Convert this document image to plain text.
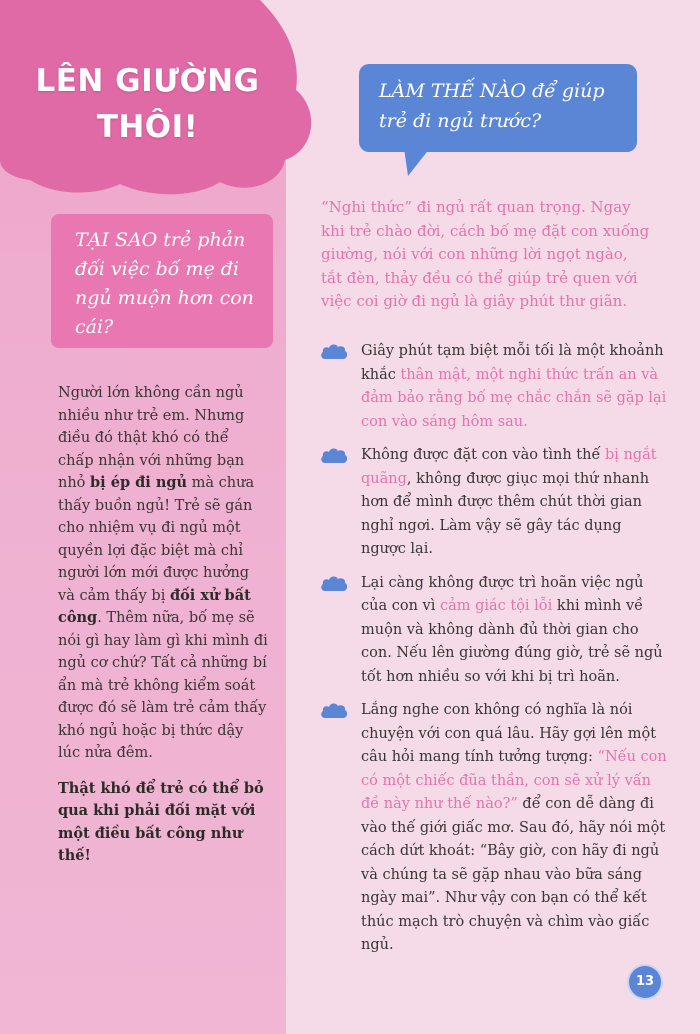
LÊN GIƯỜNG
THÔI!
TẠI SAO trẻ phản đối việc bố mẹ đi ngủ muộn hơn con cái?

Người lớn không cần ngủ nhiều như trẻ em. Nhưng điều đó thật khó có thể chấp nhận với những bạn nhỏ bị ép đi ngủ mà chưa thấy buồn ngủ! Trẻ sẽ gán cho nhiệm vụ đi ngủ một quyền lợi đặc biệt mà chỉ người lớn mới được hưởng và cảm thấy bị đối xử bất công. Thêm nữa, bố mẹ sẽ nói gì hay làm gì khi mình đi ngủ cơ chứ? Tất cả những bí ẩn mà trẻ không kiểm soát được đó sẽ làm trẻ cảm thấy khó ngủ hoặc bị thức dậy lúc nửa đêm.

Thật khó để trẻ có thể bỏ qua khi phải đối mặt với một điều bất công như thế!

LÀM THẾ NÀO để giúp trẻ đi ngủ trước?
“Nghi thức” đi ngủ rất quan trọng. Ngay khi trẻ chào đời, cách bố mẹ đặt con xuống giường, nói với con những lời ngọt ngào, tắt đèn, thảy đều có thể giúp trẻ quen với việc coi giờ đi ngủ là giây phút thư giãn.
Giây phút tạm biệt mỗi tối là một khoảnh khắc thân mật, một nghi thức trấn an và đảm bảo rằng bố mẹ chắc chắn sẽ gặp lại con vào sáng hôm sau.
Không được đặt con vào tình thế bị ngắt quãng, không được giục mọi thứ nhanh hơn để mình được thêm chút thời gian nghỉ ngơi. Làm vậy sẽ gây tác dụng ngược lại.
Lại càng không được trì hoãn việc ngủ của con vì cảm giác tội lỗi khi mình về muộn và không dành đủ thời gian cho con. Nếu lên giường đúng giờ, trẻ sẽ ngủ tốt hơn nhiều so với khi bị trì hoãn.
Lắng nghe con không có nghĩa là nói chuyện với con quá lâu. Hãy gợi lên một câu hỏi mang tính tưởng tượng: “Nếu con có một chiếc đũa thần, con sẽ xử lý vấn đề này như thế nào?” để con dễ dàng đi vào thế giới giấc mơ. Sau đó, hãy nói một cách dứt khoát: “Bây giờ, con hãy đi ngủ và chúng ta sẽ gặp nhau vào bữa sáng ngày mai”. Như vậy con bạn có thể kết thúc mạch trò chuyện và chìm vào giấc ngủ.
13
